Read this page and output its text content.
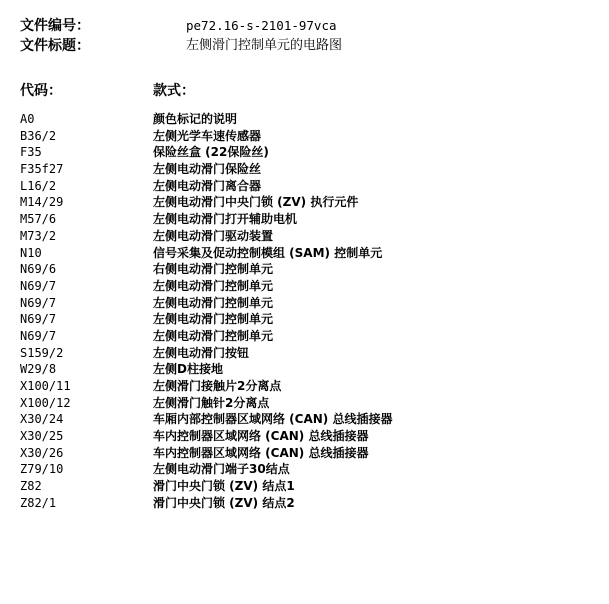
文件编号：	pe72.16-s-2101-97vca
文件标题：	左侧滑门控制单元的电路图
代码：	款式：
A0	颜色标记的说明
B36/2	左侧光学车速传感器
F35	保险丝盒 (22保险丝)
F35f27	左侧电动滑门保险丝
L16/2	左侧电动滑门离合器
M14/29	左侧电动滑门中央门锁 (ZV) 执行元件
M57/6	左侧电动滑门打开辅助电机
M73/2	左侧电动滑门驱动装置
N10	信号采集及促动控制模组 (SAM) 控制单元
N69/6	右侧电动滑门控制单元
N69/7	左侧电动滑门控制单元
N69/7	左侧电动滑门控制单元
N69/7	左侧电动滑门控制单元
N69/7	左侧电动滑门控制单元
S159/2	左侧电动滑门按钮
W29/8	左侧D柱接地
X100/11	左侧滑门接触片2分离点
X100/12	左侧滑门触针2分离点
X30/24	车厢内部控制器区域网络 (CAN) 总线插接器
X30/25	车内控制器区域网络 (CAN) 总线插接器
X30/26	车内控制器区域网络 (CAN) 总线插接器
Z79/10	左侧电动滑门端子30结点
Z82	滑门中央门锁 (ZV) 结点1
Z82/1	滑门中央门锁 (ZV) 结点2
